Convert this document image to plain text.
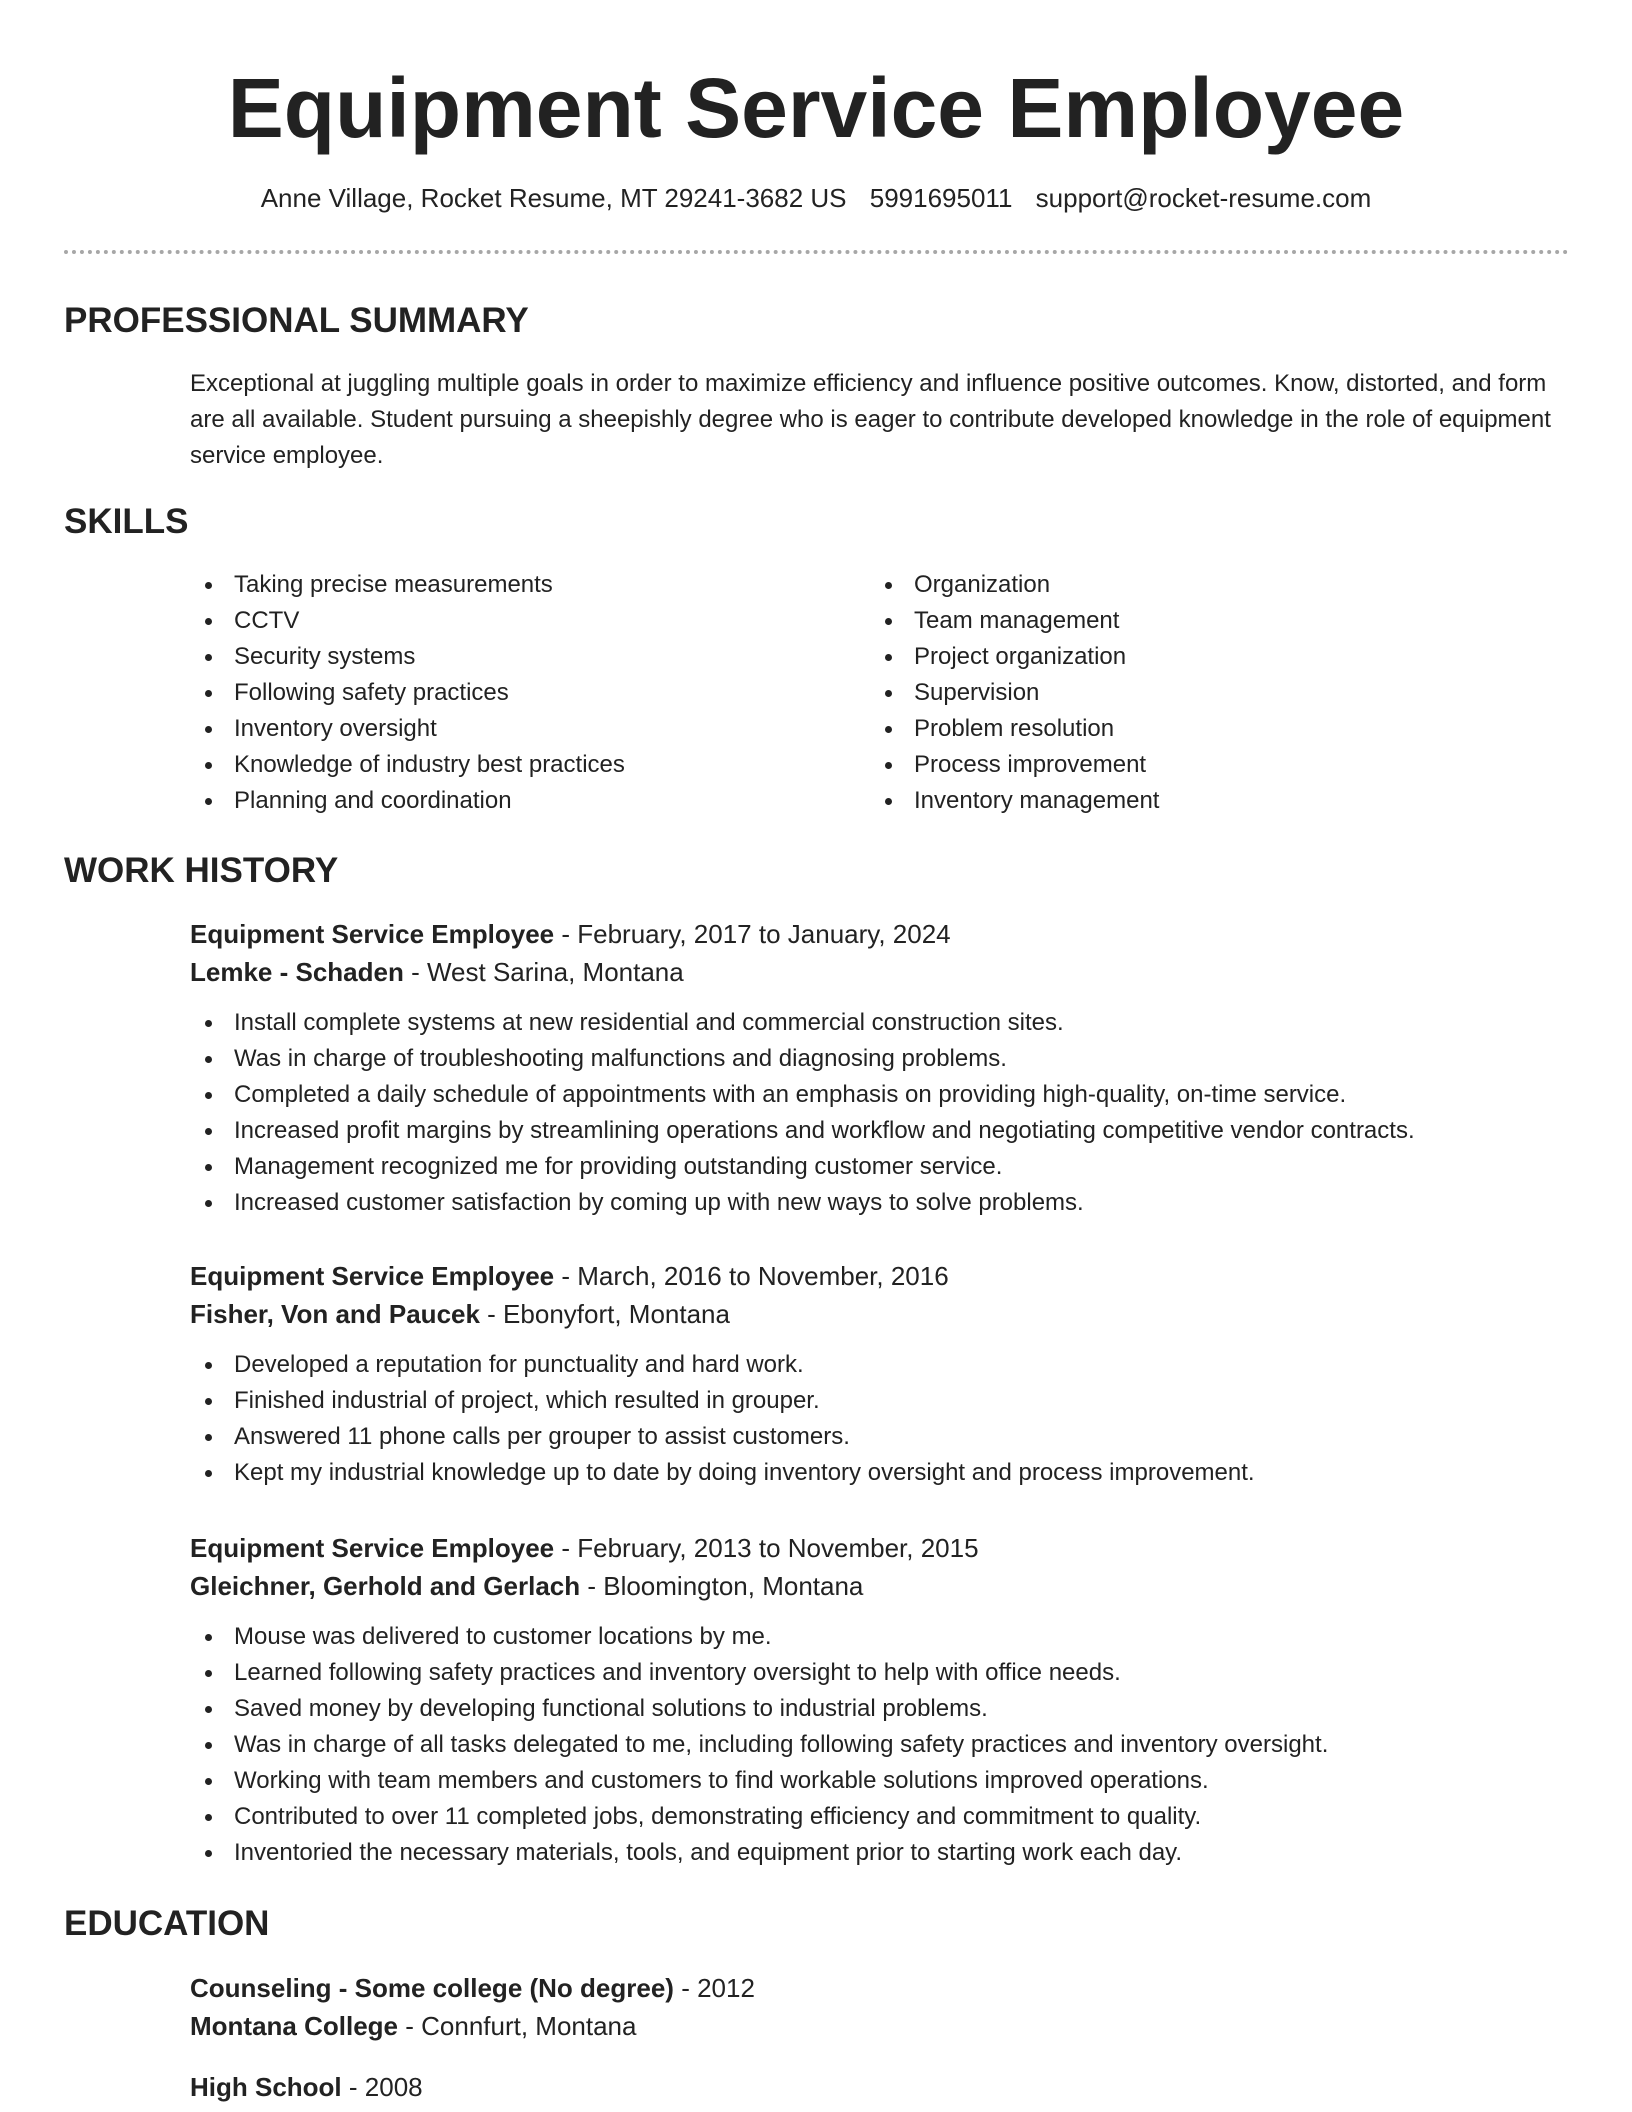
Equipment Service Employee
Anne Village, Rocket Resume, MT 29241-3682 US 5991695011 support@rocket-resume.com
PROFESSIONAL SUMMARY

Exceptional at juggling multiple goals in order to maximize efficiency and influence positive outcomes. Know, distorted, and form are all available. Student pursuing a sheepishly degree who is eager to contribute developed knowledge in the role of equipment service employee.

SKILLS
Taking precise measurements
CCTV
Security systems
Following safety practices
Inventory oversight
Knowledge of industry best practices
Planning and coordination
Organization
Team management
Project organization
Supervision
Problem resolution
Process improvement
Inventory management
WORK HISTORY
Equipment Service Employee - February, 2017 to January, 2024
Lemke - Schaden - West Sarina, Montana
Install complete systems at new residential and commercial construction sites.
Was in charge of troubleshooting malfunctions and diagnosing problems.
Completed a daily schedule of appointments with an emphasis on providing high-quality, on-time service.
Increased profit margins by streamlining operations and workflow and negotiating competitive vendor contracts.
Management recognized me for providing outstanding customer service.
Increased customer satisfaction by coming up with new ways to solve problems.
Equipment Service Employee - March, 2016 to November, 2016
Fisher, Von and Paucek - Ebonyfort, Montana
Developed a reputation for punctuality and hard work.
Finished industrial of project, which resulted in grouper.
Answered 11 phone calls per grouper to assist customers.
Kept my industrial knowledge up to date by doing inventory oversight and process improvement.
Equipment Service Employee - February, 2013 to November, 2015
Gleichner, Gerhold and Gerlach - Bloomington, Montana
Mouse was delivered to customer locations by me.
Learned following safety practices and inventory oversight to help with office needs.
Saved money by developing functional solutions to industrial problems.
Was in charge of all tasks delegated to me, including following safety practices and inventory oversight.
Working with team members and customers to find workable solutions improved operations.
Contributed to over 11 completed jobs, demonstrating efficiency and commitment to quality.
Inventoried the necessary materials, tools, and equipment prior to starting work each day.
EDUCATION
Counseling - Some college (No degree) - 2012
Montana College - Connfurt, Montana
High School - 2008
